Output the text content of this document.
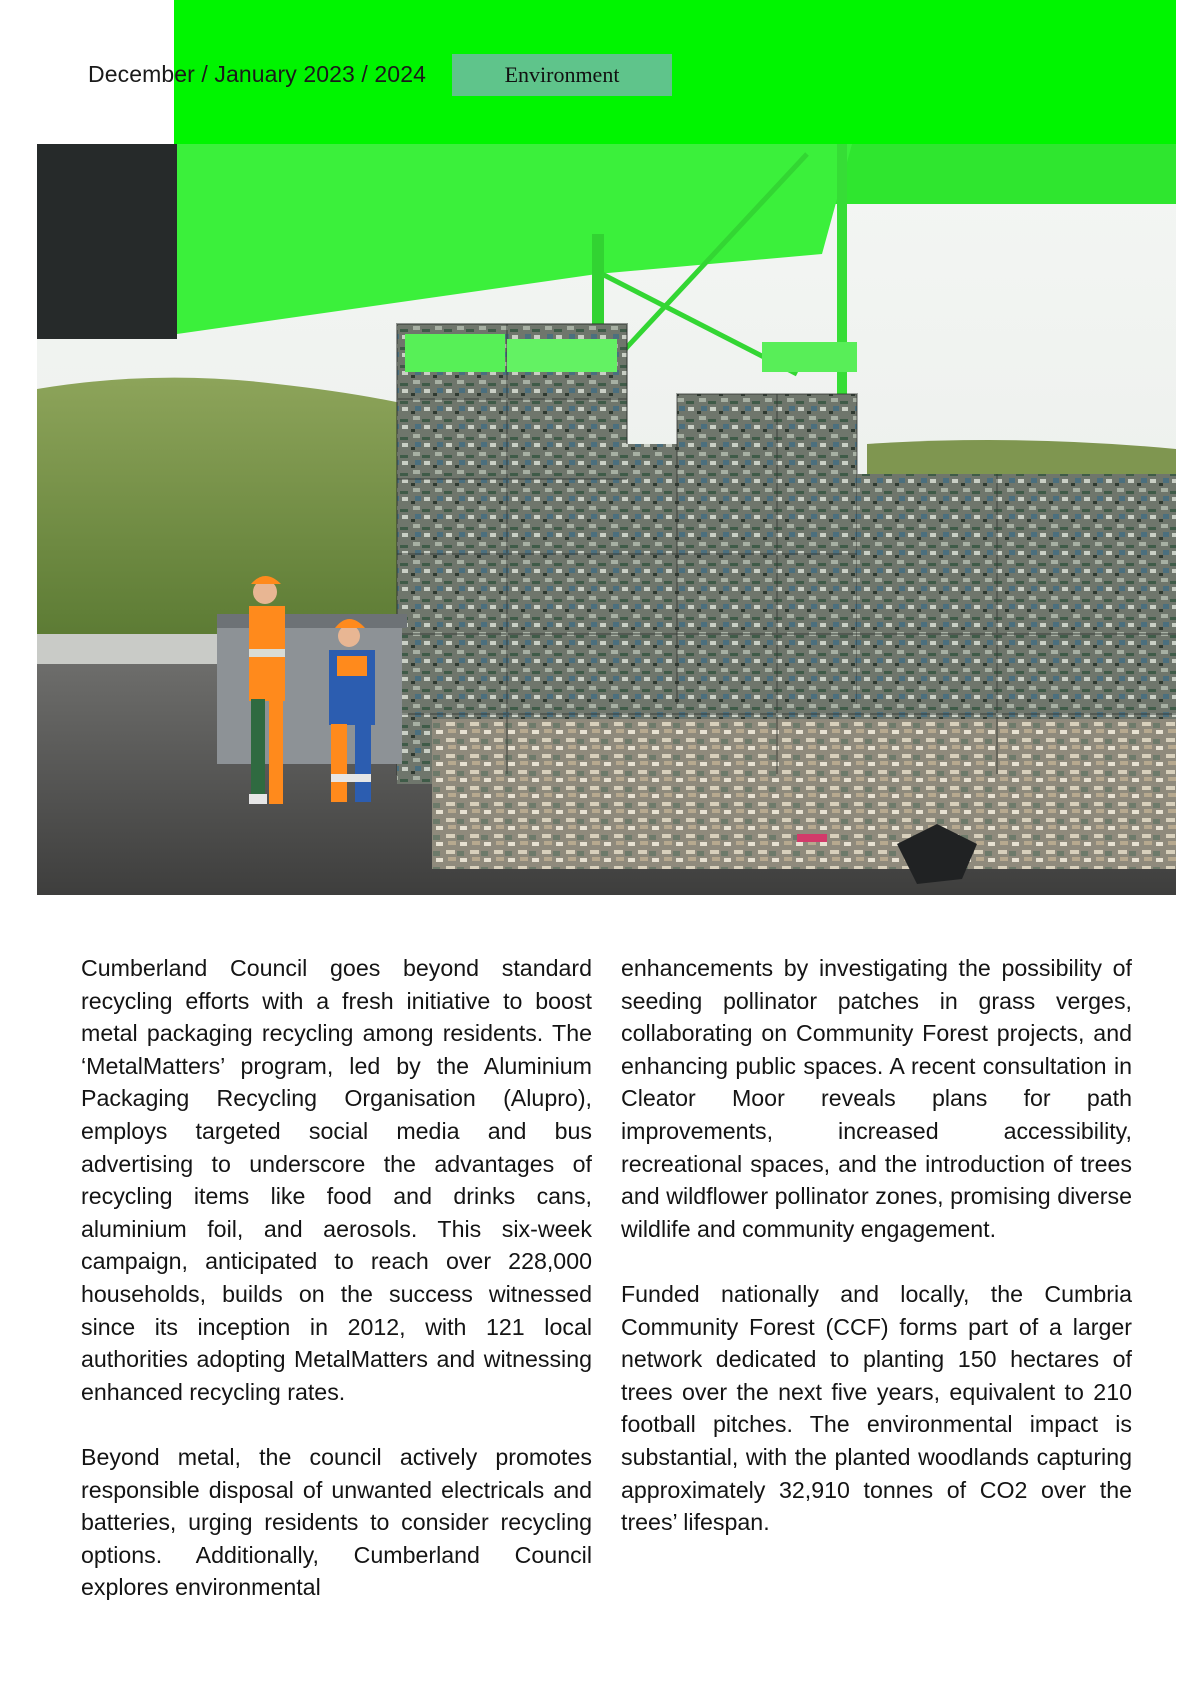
December / January 2023 / 2024	Environment

Cumberland Council goes beyond standard recycling efforts with a fresh initiative to boost metal packaging recycling among residents. The ‘MetalMatters’ program, led by the Aluminium Packaging Recycling Organisation (Alupro), employs targeted social media and bus advertising to underscore the advantages of recycling items like food and drinks cans, aluminium foil, and aerosols. This six-week campaign, anticipated to reach over 228,000 households, builds on the success witnessed since its inception in 2012, with 121 local authorities adopting MetalMatters and witnessing enhanced recycling rates.

Beyond metal, the council actively promotes responsible disposal of unwanted electricals and batteries, urging residents to consider recycling options. Additionally, Cumberland Council explores environmental

enhancements by investigating the possibility of seeding pollinator patches in grass verges, collaborating on Community Forest projects, and enhancing public spaces. A recent consultation in Cleator Moor reveals plans for path improvements, increased accessibility, recreational spaces, and the introduction of trees and wildflower pollinator zones, promising diverse wildlife and community engagement.

Funded nationally and locally, the Cumbria Community Forest (CCF) forms part of a larger network dedicated to planting 150 hectares of trees over the next five years, equivalent to 210 football pitches. The environmental impact is substantial, with the planted woodlands capturing approximately 32,910 tonnes of CO2 over the trees’ lifespan.
